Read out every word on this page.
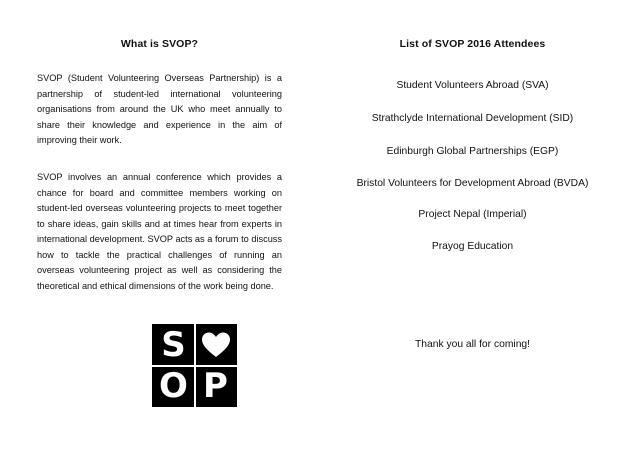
What is SVOP?

SVOP (Student Volunteering Overseas Partnership) is a partnership of student-led international volunteering organisations from around the UK who meet annually to share their knowledge and experience in the aim of improving their work.

SVOP involves an annual conference which provides a chance for board and committee members working on student-led overseas volunteering projects to meet together to share ideas, gain skills and at times hear from experts in international development. SVOP acts as a forum to discuss how to tackle the practical challenges of running an overseas volunteering project as well as considering the theoretical and ethical dimensions of the work being done.

S
O P
List of SVOP 2016 Attendees
Student Volunteers Abroad (SVA)
Strathclyde International Development (SID)
Edinburgh Global Partnerships (EGP)
Bristol Volunteers for Development Abroad (BVDA)
Project Nepal (Imperial)
Prayog Education
Thank you all for coming!
